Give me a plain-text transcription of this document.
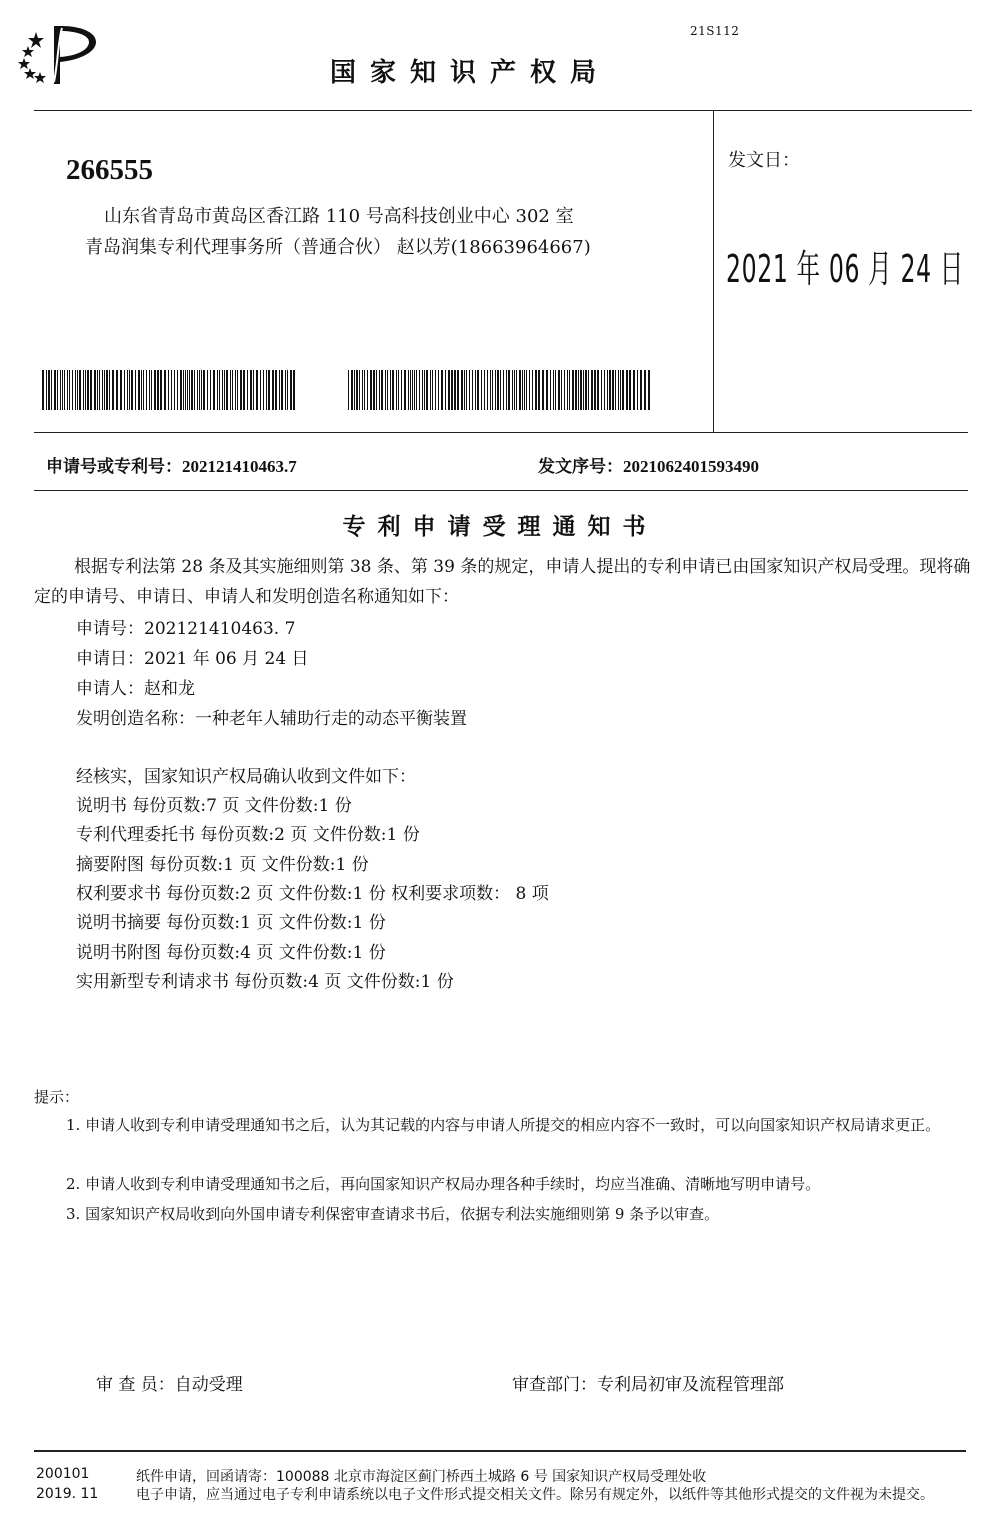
21S112
国家知识产权局
266555
山东省青岛市黄岛区香江路 110 号高科技创业中心 302 室
青岛润集专利代理事务所（普通合伙） 赵以芳(18663964667)
发文日：
2021 年 06 月 24 日
申请号或专利号：202121410463.7	发文序号：2021062401593490
专利申请受理通知书
根据专利法第 28 条及其实施细则第 38 条、第 39 条的规定，申请人提出的专利申请已由国家知识产权局受理。现将确定的申请号、申请日、申请人和发明创造名称通知如下：
申请号：202121410463. 7
申请日：2021 年 06 月 24 日
申请人：赵和龙
发明创造名称：一种老年人辅助行走的动态平衡装置
经核实，国家知识产权局确认收到文件如下：
说明书 每份页数:7 页 文件份数:1 份
专利代理委托书 每份页数:2 页 文件份数:1 份
摘要附图 每份页数:1 页 文件份数:1 份
权利要求书 每份页数:2 页 文件份数:1 份 权利要求项数： 8 项
说明书摘要 每份页数:1 页 文件份数:1 份
说明书附图 每份页数:4 页 文件份数:1 份
实用新型专利请求书 每份页数:4 页 文件份数:1 份
提示：
1. 申请人收到专利申请受理通知书之后，认为其记载的内容与申请人所提交的相应内容不一致时，可以向国家知识产权局请求更正。
2. 申请人收到专利申请受理通知书之后，再向国家知识产权局办理各种手续时，均应当准确、清晰地写明申请号。
3. 国家知识产权局收到向外国申请专利保密审查请求书后，依据专利法实施细则第 9 条予以审查。
审 查 员：自动受理	审查部门：专利局初审及流程管理部
200101
2019. 11
纸件申请，回函请寄：100088 北京市海淀区蓟门桥西土城路 6 号 国家知识产权局受理处收
电子申请，应当通过电子专利申请系统以电子文件形式提交相关文件。除另有规定外，以纸件等其他形式提交的文件视为未提交。
